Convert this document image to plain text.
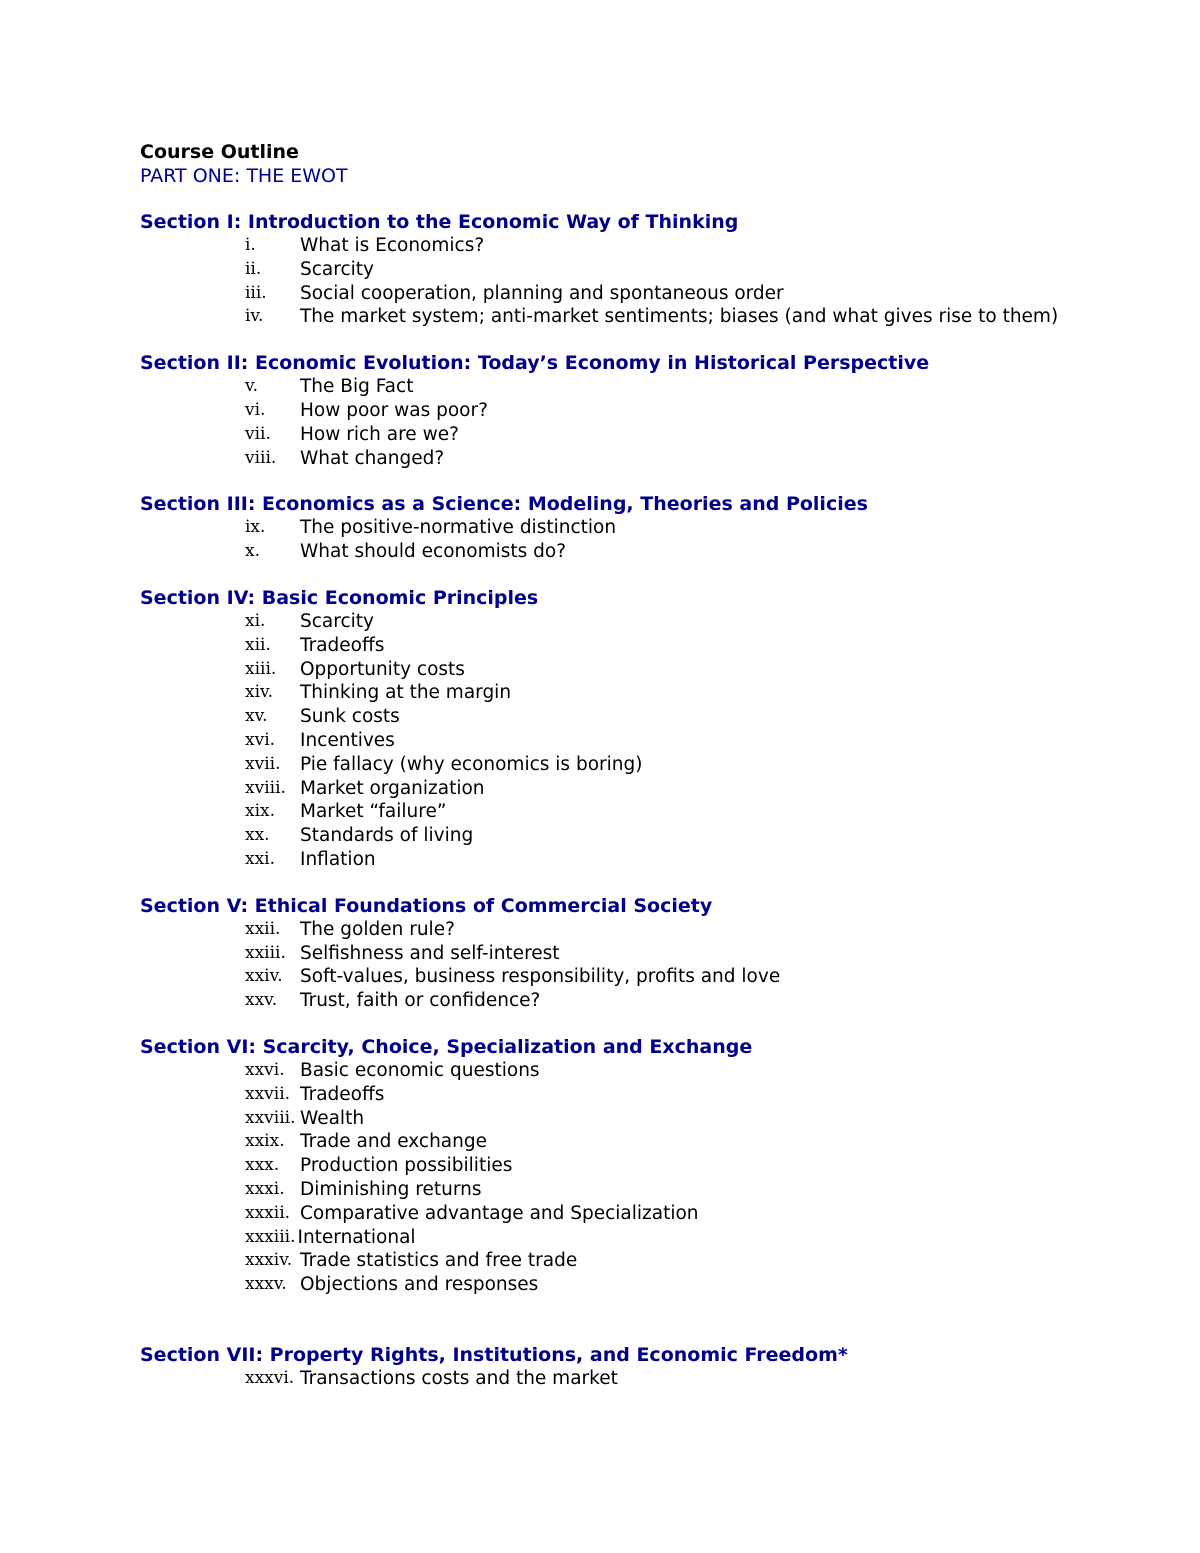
Course Outline
PART ONE: THE EWOT
Section I: Introduction to the Economic Way of Thinking
i.	What is Economics?
ii.	Scarcity
iii.	Social cooperation, planning and spontaneous order
iv.	The market system; anti-market sentiments; biases (and what gives rise to them)
Section II: Economic Evolution: Today’s Economy in Historical Perspective
v.	The Big Fact
vi.	How poor was poor?
vii.	How rich are we?
viii.	What changed?
Section III: Economics as a Science: Modeling, Theories and Policies
ix.	The positive-normative distinction
x.	What should economists do?
Section IV: Basic Economic Principles
xi.	Scarcity
xii.	Tradeoffs
xiii.	Opportunity costs
xiv.	Thinking at the margin
xv.	Sunk costs
xvi.	Incentives
xvii.	Pie fallacy (why economics is boring)
xviii. Market organization
xix.	Market “failure”
xx.	Standards of living
xxi.	Inflation
Section V: Ethical Foundations of Commercial Society
xxii.	The golden rule?
xxiii. Selfishness and self-interest
xxiv. Soft-values, business responsibility, profits and love
xxv.	Trust, faith or confidence?
Section VI: Scarcity, Choice, Specialization and Exchange
xxvi. Basic economic questions
xxvii. Tradeoffs
xxviii. Wealth
xxix. Trade and exchange
xxx.	Production possibilities
xxxi. Diminishing returns
xxxii. Comparative advantage and Specialization
xxxiii. International
xxxiv. Trade statistics and free trade
xxxv. Objections and responses
Section VII: Property Rights, Institutions, and Economic Freedom*
xxxvi. Transactions costs and the market
